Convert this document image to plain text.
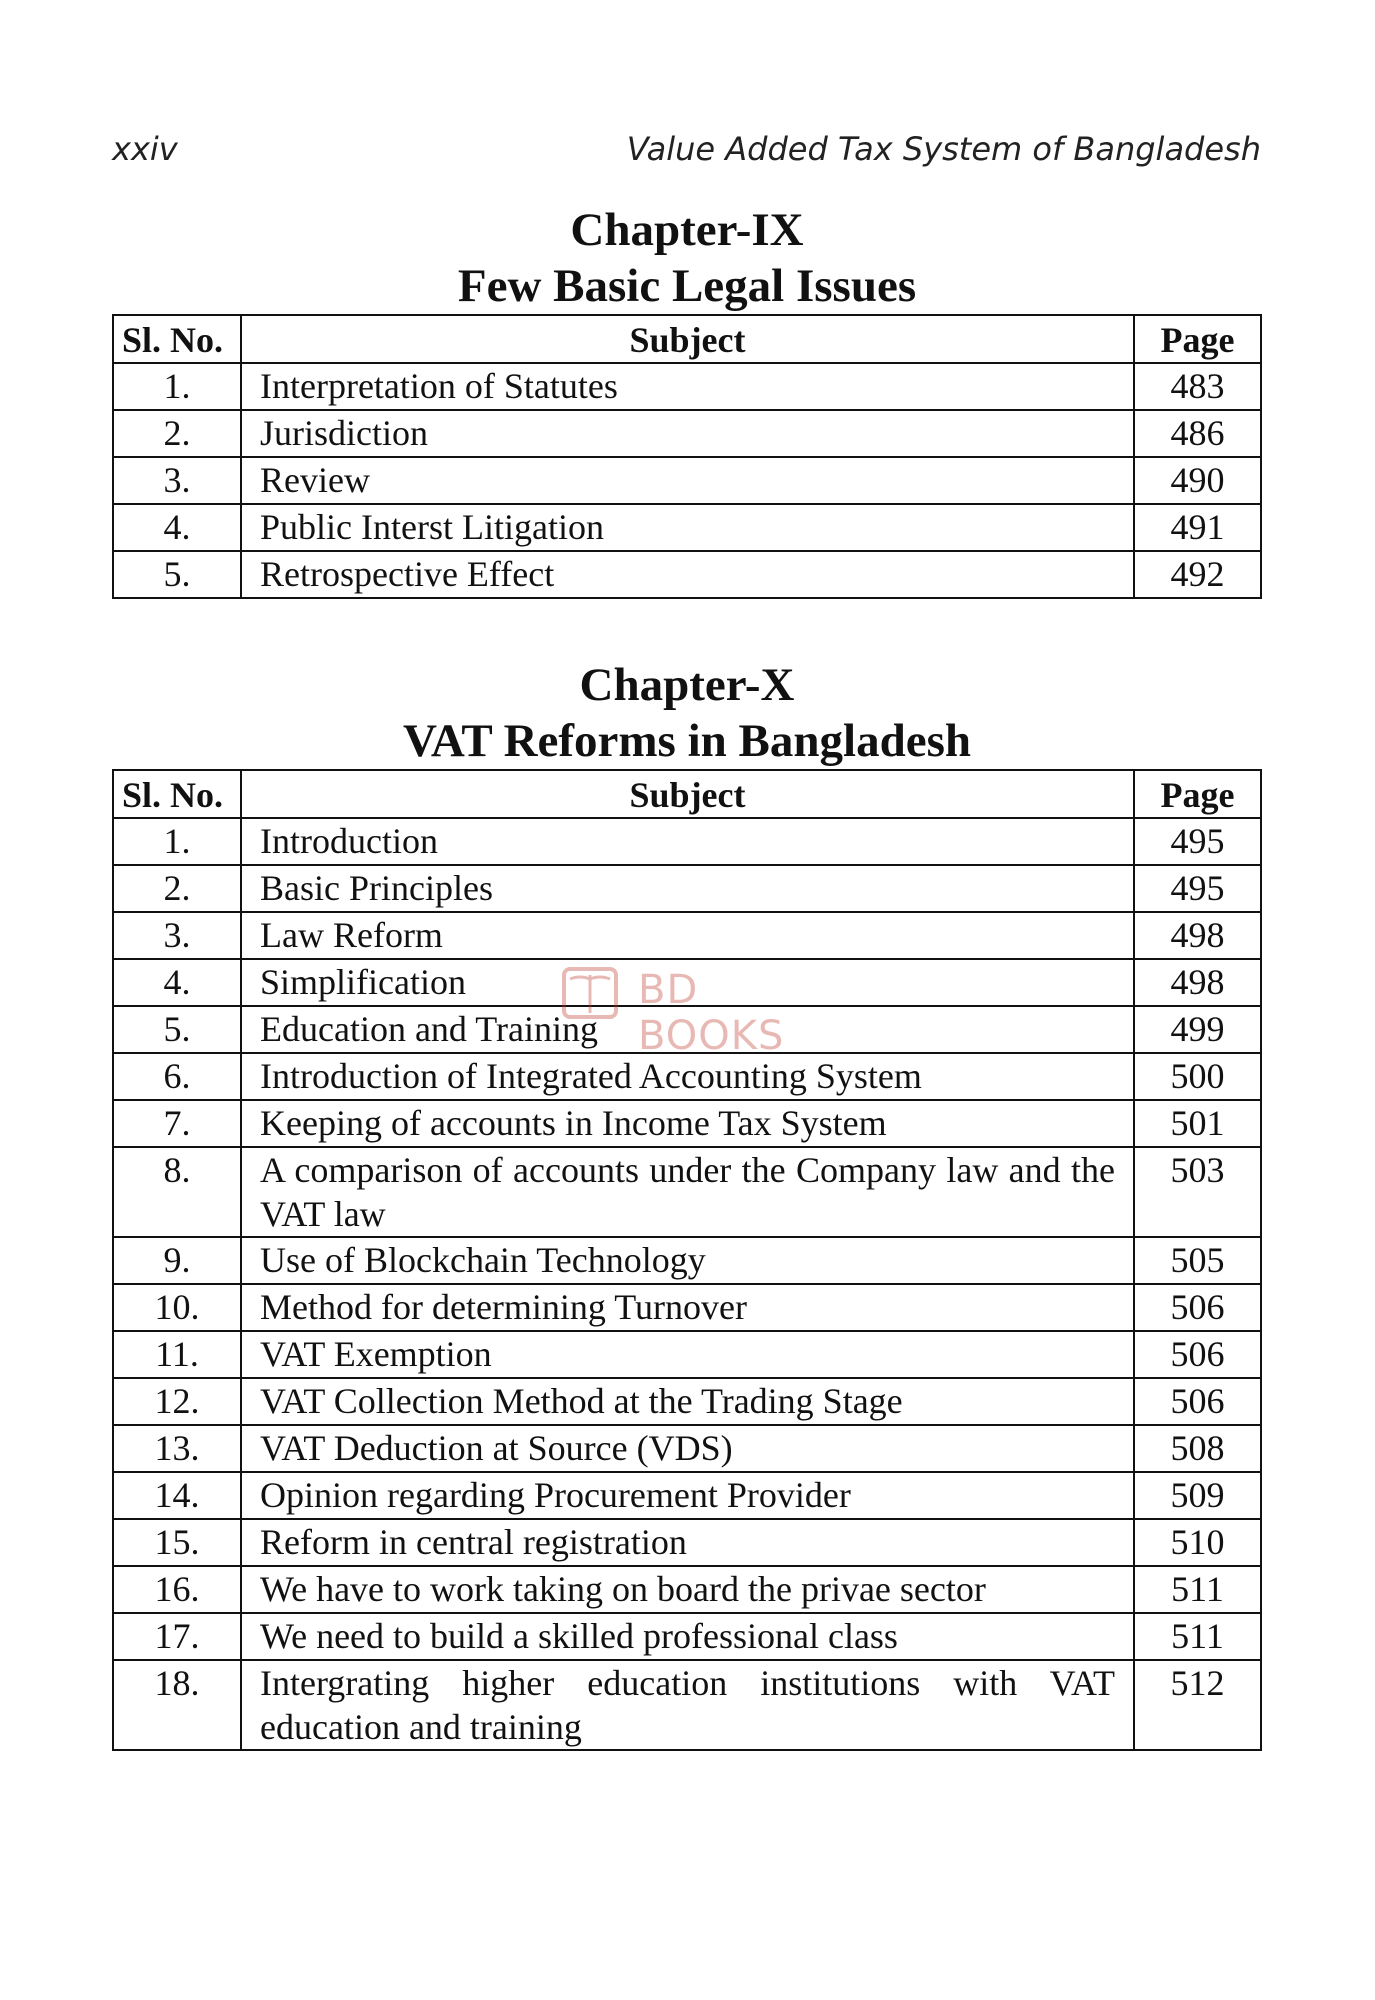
xxiv	Value Added Tax System of Bangladesh
Chapter-IX
Few Basic Legal Issues
Sl. No.	Subject	Page
1.	Interpretation of Statutes	483
2.	Jurisdiction	486
3.	Review	490
4.	Public Interst Litigation	491
5.	Retrospective Effect	492
Chapter-X
VAT Reforms in Bangladesh
Sl. No.	Subject	Page
1.	Introduction	495
2.	Basic Principles	495
3.	Law Reform	498
4.	Simplification	498
5.	Education and Training	499
6.	Introduction of Integrated Accounting System	500
7.	Keeping of accounts in Income Tax System	501
8.	A comparison of accounts under the Company law and the VAT law	503
9.	Use of Blockchain Technology	505
10.	Method for determining Turnover	506
11.	VAT Exemption	506
12.	VAT Collection Method at the Trading Stage	506
13.	VAT Deduction at Source (VDS)	508
14.	Opinion regarding Procurement Provider	509
15.	Reform in central registration	510
16.	We have to work taking on board the privae sector	511
17.	We need to build a skilled professional class	511
18.	Intergrating higher education institutions with VAT education and training	512
BD BOOKS
